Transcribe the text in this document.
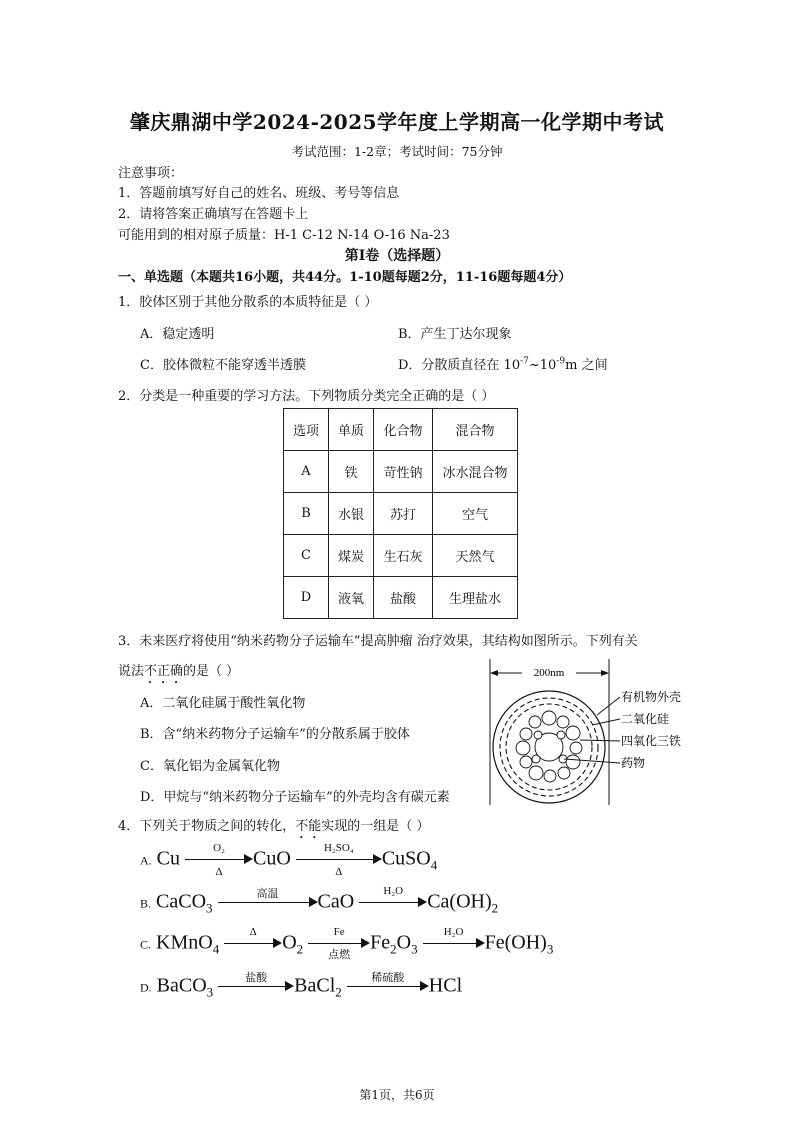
肇庆鼎湖中学2024-2025学年度上学期高一化学期中考试
考试范围：1-2章；考试时间：75分钟
注意事项：
1．答题前填写好自己的姓名、班级、考号等信息
2．请将答案正确填写在答题卡上
可能用到的相对原子质量：H-1 C-12 N-14 O-16 Na-23
第I卷（选择题）
一、单选题（本题共16小题，共44分。1-10题每题2分，11-16题每题4分）
1．胶体区别于其他分散系的本质特征是（ ）
A．稳定透明	B．产生丁达尔现象
C．胶体微粒不能穿透半透膜	D．分散质直径在 $10^{-7}\sim 10^{-9}m$ 之间
2．分类是一种重要的学习方法。下列物质分类完全正确的是（ ）
选项	单质	化合物	混合物
A	铁	苛性钠	冰水混合物
B	水银	苏打	空气
C	煤炭	生石灰	天然气
D	液氧	盐酸	生理盐水
3．未来医疗将使用“纳米药物分子运输车”提高肿瘤 治疗效果，其结构如图所示。下列有关
说法不正确的是（ ）
A．二氧化硅属于酸性氧化物
B．含“纳米药物分子运输车”的分散系属于胶体
C．氧化铝为金属氧化物
D．甲烷与“纳米药物分子运输车”的外壳均含有碳元素
200nm
有机物外壳
二氧化硅
四氧化三铁
药物
4．下列关于物质之间的转化，不能实现的一组是（ ）
A. Cu $\frac{\text{O₂}}{\Delta}$ CuO $\frac{\text{H₂SO₄}}{\Delta}$ CuSO$_4$
B. CaCO$_3$
高温	CaO	H₂O	$Ca(OH)_2$
C. KMnO$_4$
Δ	$O_2$
Fe
点燃
$Fe_2O_3$
H₂O	$Fe(OH)_3$
D. BaCO$_3$
盐酸	BaCl$_2$
稀硫酸	HCl
第1页，共6页
